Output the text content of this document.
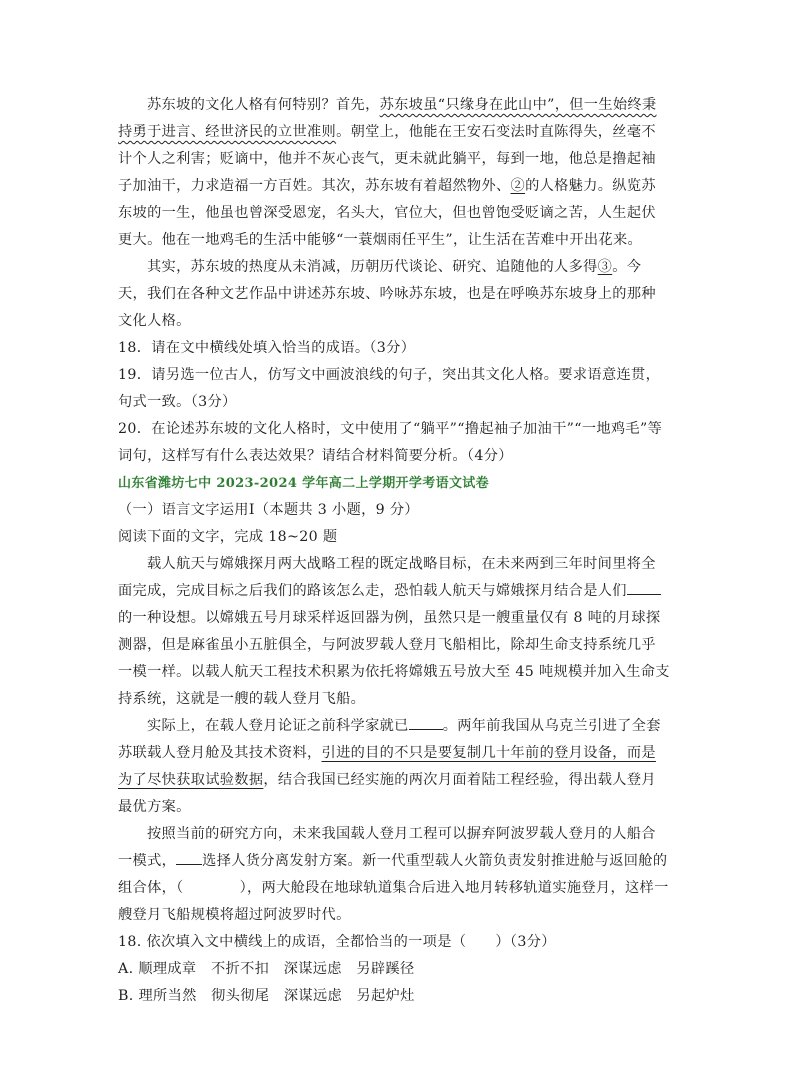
苏东坡的文化人格有何特别？首先，苏东坡虽“只缘身在此山中”，但一生始终秉持勇于进言、经世济民的立世准则。朝堂上，他能在王安石变法时直陈得失，丝毫不计个人之利害；贬谪中，他并不灰心丧气，更未就此躺平，每到一地，他总是撸起袖子加油干，力求造福一方百姓。其次，苏东坡有着超然物外、②的人格魅力。纵览苏东坡的一生，他虽也曾深受恩宠，名头大，官位大，但也曾饱受贬谪之苦，人生起伏更大。他在一地鸡毛的生活中能够“一蓑烟雨任平生”，让生活在苦难中开出花来。

其实，苏东坡的热度从未消减，历朝历代谈论、研究、追随他的人多得③。今天，我们在各种文艺作品中讲述苏东坡、吟咏苏东坡，也是在呼唤苏东坡身上的那种文化人格。

18．请在文中横线处填入恰当的成语。（3分）

19．请另选一位古人，仿写文中画波浪线的句子，突出其文化人格。要求语意连贯，句式一致。（3分）

20．在论述苏东坡的文化人格时，文中使用了“躺平”“撸起袖子加油干”“一地鸡毛”等词句，这样写有什么表达效果？请结合材料简要分析。（4分）

山东省潍坊七中 2023-2024 学年高二上学期开学考语文试卷

（一）语言文字运用Ⅰ（本题共 3 小题，9 分）

阅读下面的文字，完成 18~20 题

载人航天与嫦娥探月两大战略工程的既定战略目标，在未来两到三年时间里将全面完成，完成目标之后我们的路该怎么走，恐怕载人航天与嫦娥探月结合是人们的一种设想。以嫦娥五号月球采样返回器为例，虽然只是一艘重量仅有 8 吨的月球探测器，但是麻雀虽小五脏俱全，与阿波罗载人登月飞船相比，除却生命支持系统几乎一模一样。以载人航天工程技术积累为依托将嫦娥五号放大至 45 吨规模并加入生命支持系统，这就是一艘的载人登月飞船。

实际上，在载人登月论证之前科学家就已 。两年前我国从乌克兰引进了全套苏联载人登月舱及其技术资料，引进的目的不只是要复制几十年前的登月设备，而是为了尽快获取试验数据，结合我国已经实施的两次月面着陆工程经验，得出载人登月最优方案。

按照当前的研究方向，未来我国载人登月工程可以摒弃阿波罗载人登月的人船合一模式， 选择人货分离发射方案。新一代重型载人火箭负责发射推进舱与返回舱的组合体，（	），两大舱段在地球轨道集合后进入地月转移轨道实施登月，这样一艘登月飞船规模将超过阿波罗时代。

18. 依次填入文中横线上的成语，全都恰当的一项是（　　）（3分）

A. 顺理成章　不折不扣　深谋远虑　另辟蹊径

B. 理所当然　彻头彻尾　深谋远虑　另起炉灶
